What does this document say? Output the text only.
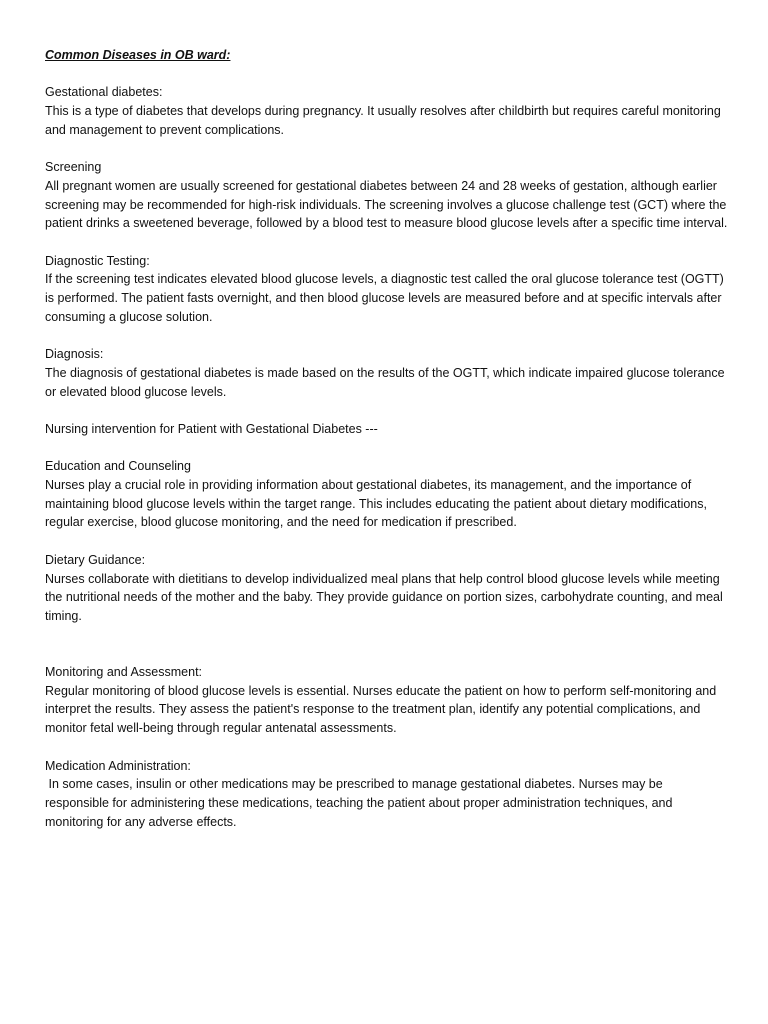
Common Diseases in OB ward:

Gestational diabetes:

This is a type of diabetes that develops during pregnancy. It usually resolves after childbirth but requires careful monitoring and management to prevent complications.

Screening

All pregnant women are usually screened for gestational diabetes between 24 and 28 weeks of gestation, although earlier screening may be recommended for high-risk individuals. The screening involves a glucose challenge test (GCT) where the patient drinks a sweetened beverage, followed by a blood test to measure blood glucose levels after a specific time interval.

Diagnostic Testing:

If the screening test indicates elevated blood glucose levels, a diagnostic test called the oral glucose tolerance test (OGTT) is performed. The patient fasts overnight, and then blood glucose levels are measured before and at specific intervals after consuming a glucose solution.

Diagnosis:

The diagnosis of gestational diabetes is made based on the results of the OGTT, which indicate impaired glucose tolerance or elevated blood glucose levels.

Nursing intervention for Patient with Gestational Diabetes ---

Education and Counseling

Nurses play a crucial role in providing information about gestational diabetes, its management, and the importance of maintaining blood glucose levels within the target range. This includes educating the patient about dietary modifications, regular exercise, blood glucose monitoring, and the need for medication if prescribed.

Dietary Guidance:

Nurses collaborate with dietitians to develop individualized meal plans that help control blood glucose levels while meeting the nutritional needs of the mother and the baby. They provide guidance on portion sizes, carbohydrate counting, and meal timing.

Monitoring and Assessment:

Regular monitoring of blood glucose levels is essential. Nurses educate the patient on how to perform self-monitoring and interpret the results. They assess the patient's response to the treatment plan, identify any potential complications, and monitor fetal well-being through regular antenatal assessments.

Medication Administration:

In some cases, insulin or other medications may be prescribed to manage gestational diabetes. Nurses may be responsible for administering these medications, teaching the patient about proper administration techniques, and monitoring for any adverse effects.
